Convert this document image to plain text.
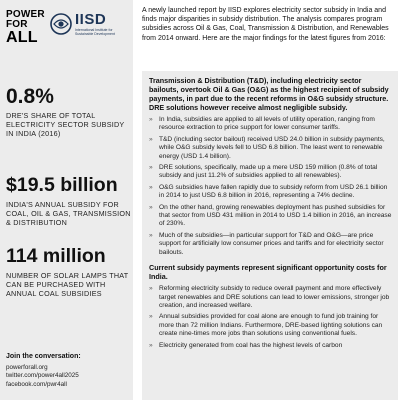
POWER
FOR
ALL
IISD
International Institute for Sustainable Development
0.8%
DRE'S SHARE OF TOTAL ELECTRICITY SECTOR SUBSIDY IN INDIA (2016)
$19.5 billion
INDIA'S ANNUAL SUBSIDY FOR COAL, OIL & GAS, TRANSMISSION & DISTRIBUTION
114 million
NUMBER OF SOLAR LAMPS THAT CAN BE PURCHASED WITH ANNUAL COAL SUBSIDIES
Join the conversation:
powerforall.org
twitter.com/power4all2025
facebook.com/pwr4all

A newly launched report by IISD explores electricity sector subsidy in India and finds major disparities in subsidy distribution. The analysis compares program subsidies across Oil & Gas, Coal, Transmission & Distribution, and Renewables from 2014 onward. Here are the major findings for the latest figures from 2016:

Transmission & Distribution (T&D), including electricity sector bailouts, overtook Oil & Gas (O&G) as the highest recipient of subsidy payments, in part due to the recent reforms in O&G subsidy structure. DRE solutions however receive almost negligible subsidy.
» In India, subsidies are applied to all levels of utility operation, ranging from resource extraction to price support for lower consumer tariffs.
» T&D (including sector bailout) received USD 24.0 billion in subsidy payments, while O&G subsidy levels fell to USD 6.8 billion. The least went to renewable energy (USD 1.4 billion).
» DRE solutions, specifically, made up a mere USD 159 million (0.8% of total subsidy and just 11.2% of subsidies applied to all renewables).
» O&G subsidies have fallen rapidly due to subsidy reform from USD 26.1 billion in 2014 to just USD 6.8 billion in 2016, representing a 74% decline.
» On the other hand, growing renewables deployment has pushed subsidies for that sector from USD 431 million in 2014 to USD 1.4 billion in 2016, an increase of 230%.
» Much of the subsidies—in particular support for T&D and O&G—are price support for artificially low consumer prices and tariffs and for electricity sector bailouts.
Current subsidy payments represent significant opportunity costs for India.
» Reforming electricity subsidy to reduce overall payment and more effectively target renewables and DRE solutions can lead to lower emissions, stronger job creation, and increased welfare.
» Annual subsidies provided for coal alone are enough to fund job training for more than 72 million Indians. Furthermore, DRE-based lighting solutions can create nine-times more jobs than solutions using conventional fuels.
» Electricity generated from coal has the highest levels of carbon
